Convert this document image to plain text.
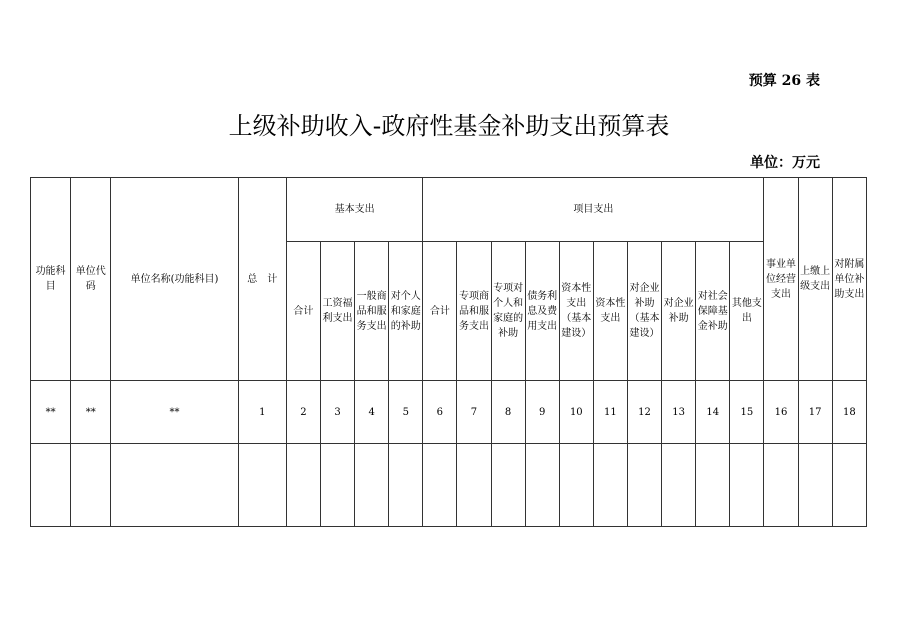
预算 26 表
上级补助收入-政府性基金补助支出预算表
单位：万元
功能科目	单位代码	单位名称(功能科目)	总　计	基本支出				项目支出										事业单位经营支出	上缴上级支出	对附属单位补助支出
				合计	工资福利支出	一般商品和服务支出	对个人和家庭的补助	合计	专项商品和服务支出	专项对个人和家庭的补助	债务利息及费用支出	资本性支出（基本建设）	资本性支出	对企业补助（基本建设）	对企业补助	对社会保障基金补助	其他支出			
**	**	**	1	2	3	4	5	6	7	8	9	10	11	12	13	14	15	16	17	18
